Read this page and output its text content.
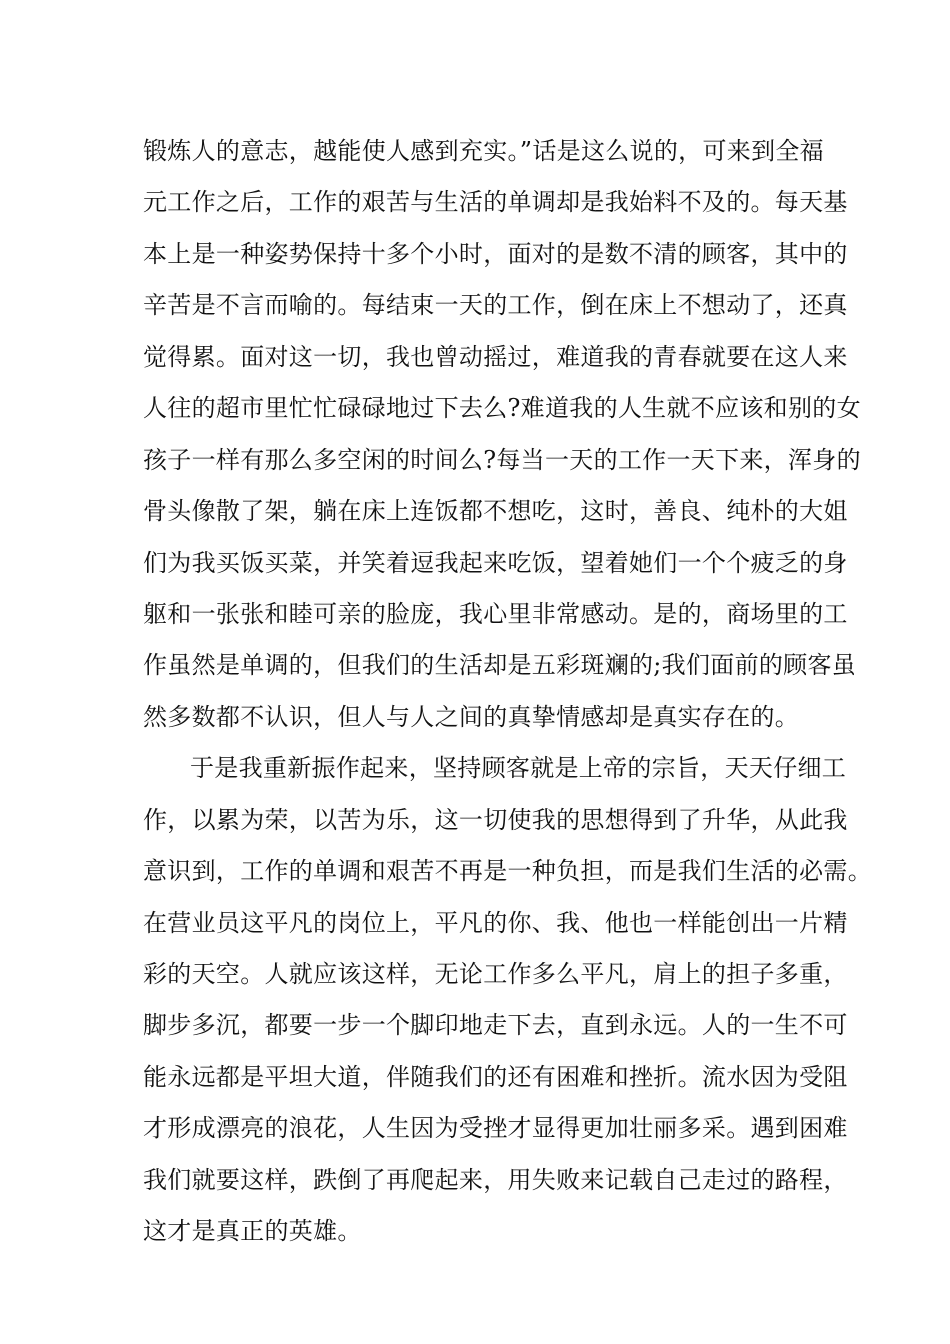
锻炼人的意志，越能使人感到充实。”话是这么说的，可来到全福
元工作之后，工作的艰苦与生活的单调却是我始料不及的。每天基
本上是一种姿势保持十多个小时，面对的是数不清的顾客，其中的
辛苦是不言而喻的。每结束一天的工作，倒在床上不想动了，还真
觉得累。面对这一切，我也曾动摇过，难道我的青春就要在这人来
人往的超市里忙忙碌碌地过下去么?难道我的人生就不应该和别的女
孩子一样有那么多空闲的时间么?每当一天的工作一天下来，浑身的
骨头像散了架，躺在床上连饭都不想吃，这时，善良、纯朴的大姐
们为我买饭买菜，并笑着逗我起来吃饭，望着她们一个个疲乏的身
躯和一张张和睦可亲的脸庞，我心里非常感动。是的，商场里的工
作虽然是单调的，但我们的生活却是五彩斑斓的;我们面前的顾客虽
然多数都不认识，但人与人之间的真挚情感却是真实存在的。
于是我重新振作起来，坚持顾客就是上帝的宗旨，天天仔细工
作，以累为荣，以苦为乐，这一切使我的思想得到了升华，从此我
意识到，工作的单调和艰苦不再是一种负担，而是我们生活的必需。
在营业员这平凡的岗位上，平凡的你、我、他也一样能创出一片精
彩的天空。人就应该这样，无论工作多么平凡，肩上的担子多重，
脚步多沉，都要一步一个脚印地走下去，直到永远。人的一生不可
能永远都是平坦大道，伴随我们的还有困难和挫折。流水因为受阻
才形成漂亮的浪花，人生因为受挫才显得更加壮丽多采。遇到困难
我们就要这样，跌倒了再爬起来，用失败来记载自己走过的路程，
这才是真正的英雄。
